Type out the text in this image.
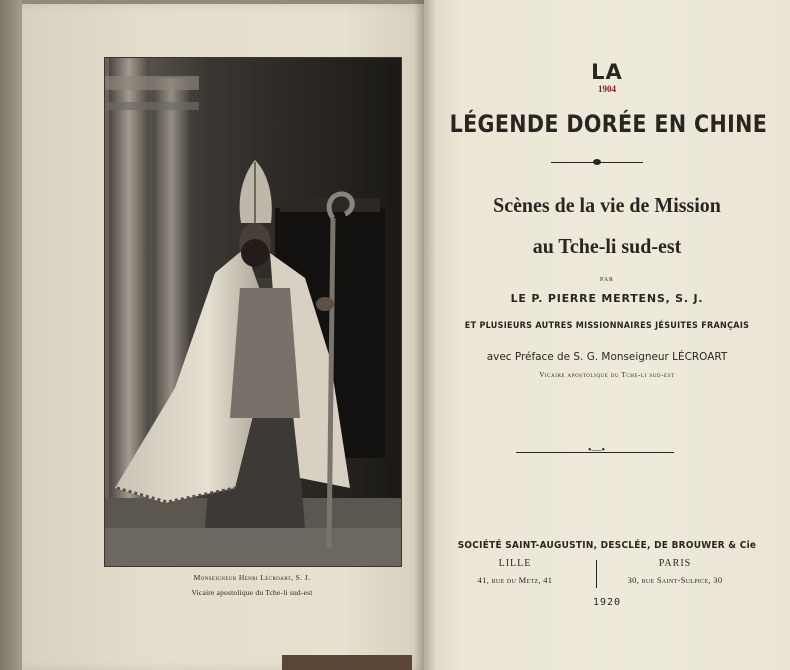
Monseigneur Henri Lécroart, S. J.
Vicaire apostolique du Tche-li sud-est
LA
1904
LÉGENDE DORÉE EN CHINE
Scènes de la vie de Mission
au Tche-li sud-est
PAR
LE P. PIERRE MERTENS, S. J.
ET PLUSIEURS AUTRES MISSIONNAIRES JÉSUITES FRANÇAIS
avec Préface de S. G. Monseigneur LÉCROART
Vicaire apostolique du Tche-li sud-est
•—•
SOCIÉTÉ SAINT-AUGUSTIN, DESCLÉE, DE BROUWER & Cie
LILLE
41, rue du Metz, 41
PARIS
30, rue Saint-Sulpice, 30
1920
